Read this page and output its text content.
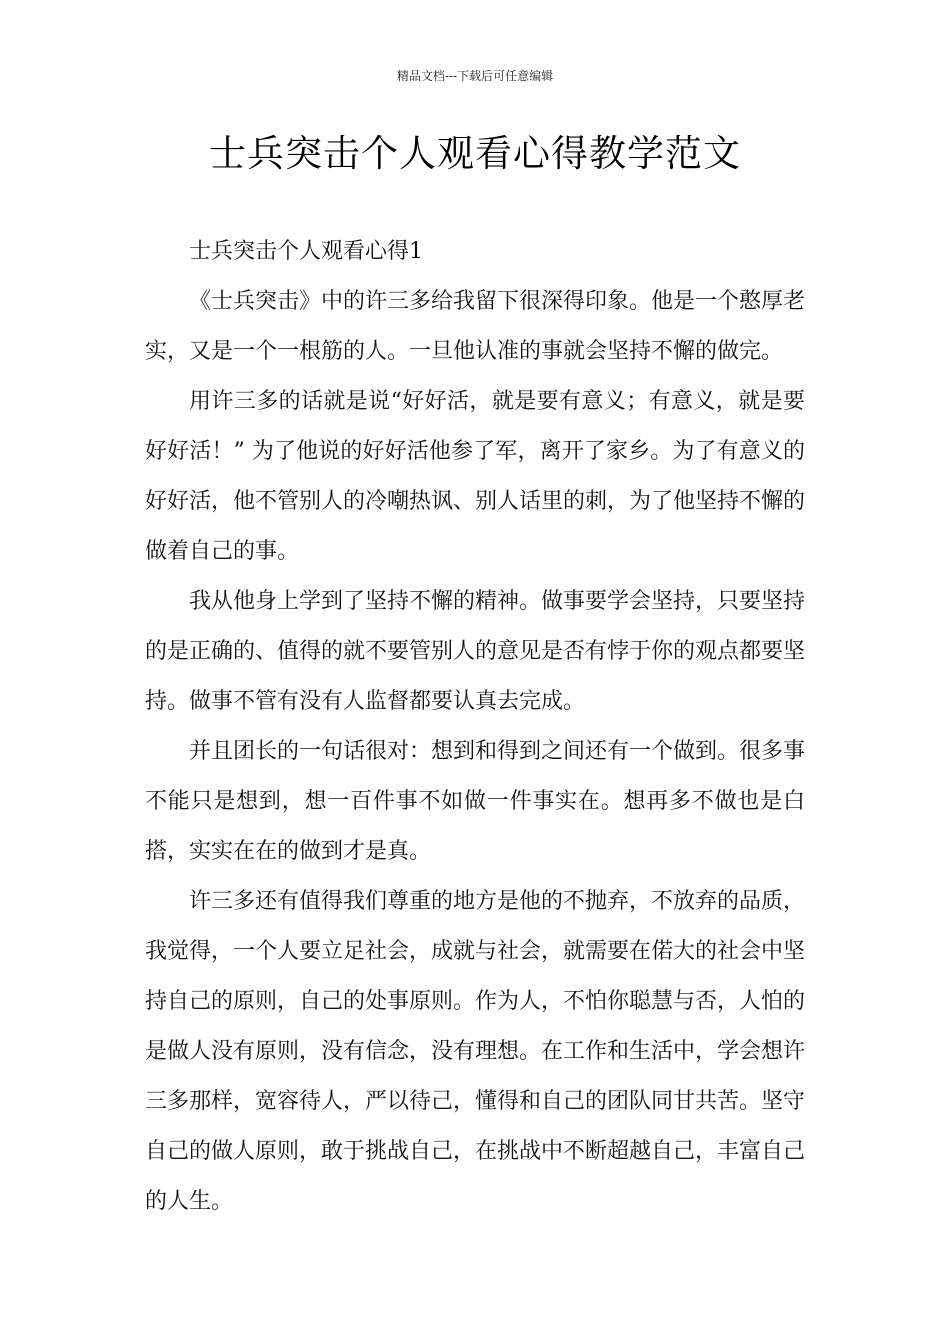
精品文档---下载后可任意编辑
士兵突击个人观看心得教学范文

士兵突击个人观看心得1

《士兵突击》中的许三多给我留下很深得印象。他是一个憨厚老实，又是一个一根筋的人。一旦他认准的事就会坚持不懈的做完。

用许三多的话就是说“好好活，就是要有意义；有意义，就是要好好活！” 为了他说的好好活他参了军，离开了家乡。为了有意义的好好活，他不管别人的冷嘲热讽、别人话里的刺，为了他坚持不懈的做着自己的事。

我从他身上学到了坚持不懈的精神。做事要学会坚持，只要坚持的是正确的、值得的就不要管别人的意见是否有悖于你的观点都要坚持。做事不管有没有人监督都要认真去完成。

并且团长的一句话很对：想到和得到之间还有一个做到。很多事不能只是想到，想一百件事不如做一件事实在。想再多不做也是白搭，实实在在的做到才是真。

许三多还有值得我们尊重的地方是他的不抛弃，不放弃的品质，我觉得，一个人要立足社会，成就与社会，就需要在偌大的社会中坚持自己的原则，自己的处事原则。作为人，不怕你聪慧与否，人怕的是做人没有原则，没有信念，没有理想。在工作和生活中，学会想许三多那样，宽容待人，严以待己，懂得和自己的团队同甘共苦。坚守自己的做人原则，敢于挑战自己，在挑战中不断超越自己，丰富自己的人生。
